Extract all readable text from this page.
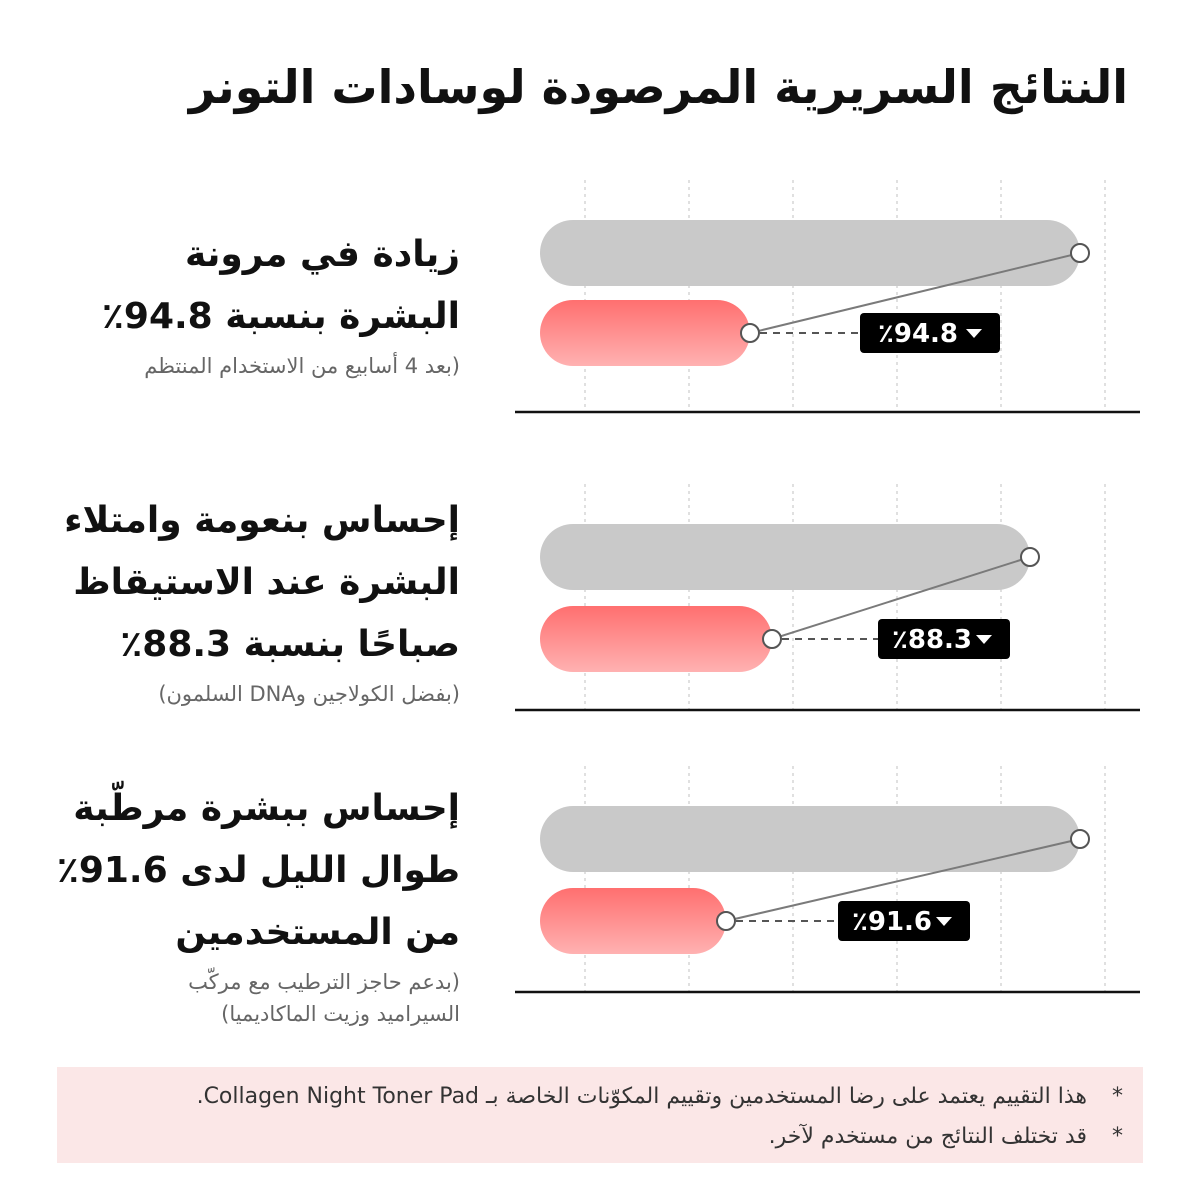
النتائج السريرية المرصودة لوسادات التونر

زيادة في مرونة
البشرة بنسبة 94.8٪

(بعد 4 أسابيع من الاستخدام المنتظم
٪94.8

إحساس بنعومة وامتلاء
البشرة عند الاستيقاظ
صباحًا بنسبة 88.3٪

(بفضل الكولاجين وDNA السلمون)
٪88.3

إحساس ببشرة مرطّبة
طوال الليل لدى 91.6٪
من المستخدمين

(بدعم حاجز الترطيب مع مركّب
السيراميد وزيت الماكاديميا)
٪91.6
*
هذا التقييم يعتمد على رضا المستخدمين وتقييم المكوّنات الخاصة بـ Collagen Night Toner Pad.
*
قد تختلف النتائج من مستخدم لآخر.
